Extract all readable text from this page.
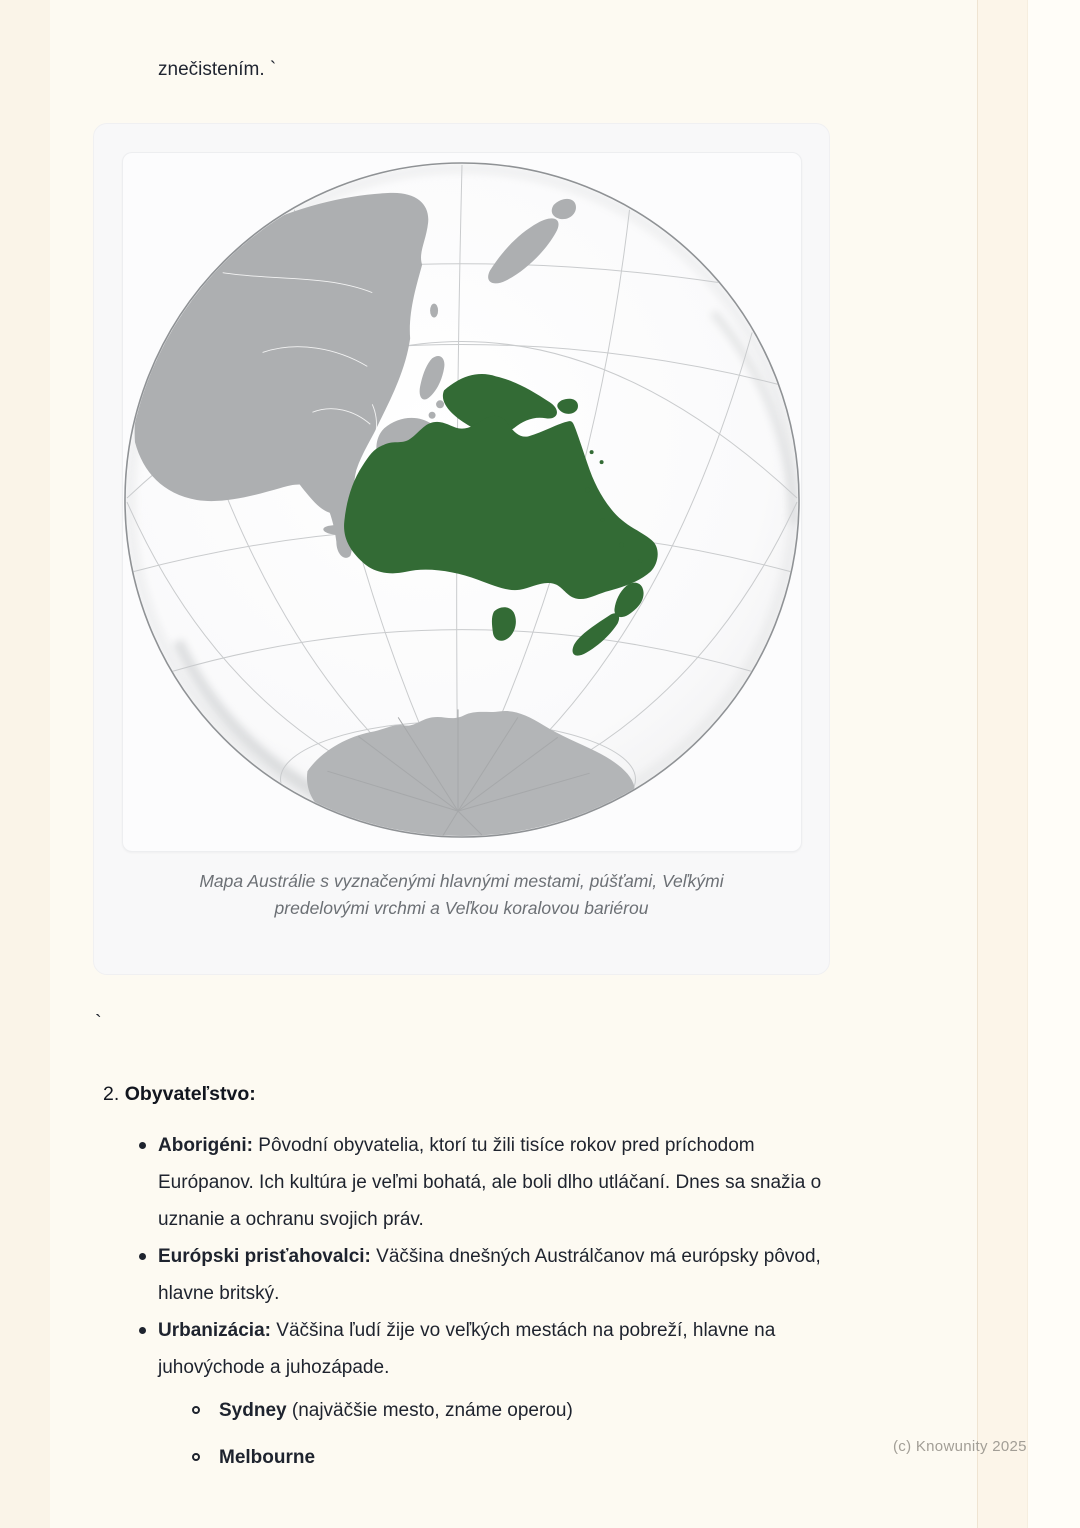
znečistením. `
Mapa Austrálie s vyznačenými hlavnými mestami, púšťami, Veľkými predelovými vrchmi a Veľkou koralovou bariérou
`
2. Obyvateľstvo:
Aborigéni: Pôvodní obyvatelia, ktorí tu žili tisíce rokov pred príchodom Európanov. Ich kultúra je veľmi bohatá, ale boli dlho utláčaní. Dnes sa snažia o uznanie a ochranu svojich práv.
Európski prisťahovalci: Väčšina dnešných Austrálčanov má európsky pôvod, hlavne britský.
Urbanizácia: Väčšina ľudí žije vo veľkých mestách na pobreží, hlavne na juhovýchode a juhozápade.
Sydney (najväčšie mesto, známe operou)
Melbourne
(c) Knowunity 2025
